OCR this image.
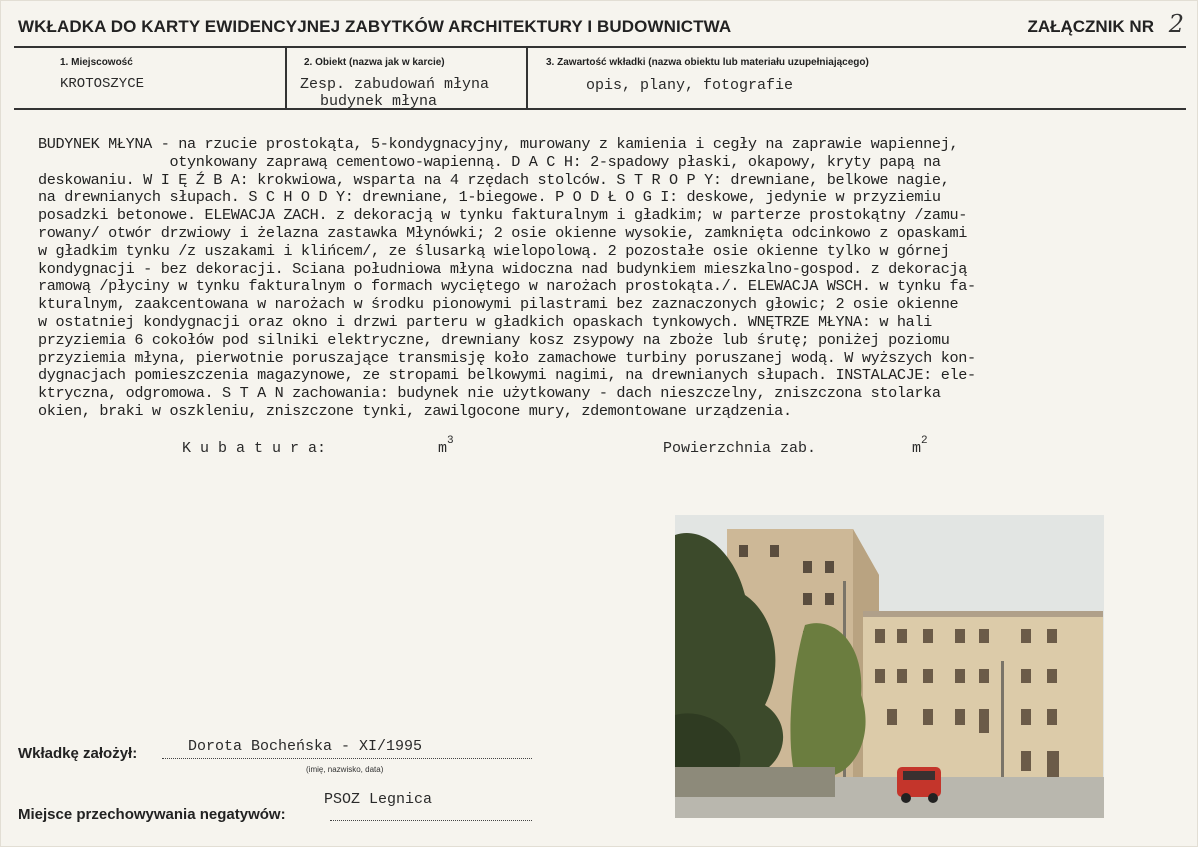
WKŁADKA DO KARTY EWIDENCYJNEJ ZABYTKÓW ARCHITEKTURY I BUDOWNICTWA	ZAŁĄCZNIK NR 2
1. Miejscowość
KROTOSZYCE
2. Obiekt (nazwa jak w karcie)
Zesp. zabudowań młyna
budynek młyna
3. Zawartość wkładki (nazwa obiektu lub materiału uzupełniającego)
opis, plany, fotografie
BUDYNEK MŁYNA - na rzucie prostokąta, 5-kondygnacyjny, murowany z kamienia i cegły na zaprawie wapiennej,
otynkowany zaprawą cementowo-wapienną. D A C H: 2-spadowy płaski, okapowy, kryty papą na
deskowaniu. W I Ę Ź B A: krokwiowa, wsparta na 4 rzędach stolców. S T R O P Y: drewniane, belkowe nagie,
na drewnianych słupach. S C H O D Y: drewniane, 1-biegowe. P O D Ł O G I: deskowe, jedynie w przyziemiu
posadzki betonowe. ELEWACJA ZACH. z dekoracją w tynku fakturalnym i gładkim; w parterze prostokątny /zamu-
rowany/ otwór drzwiowy i żelazna zastawka Młynówki; 2 osie okienne wysokie, zamknięta odcinkowo z opaskami
w gładkim tynku /z uszakami i klińcem/, ze ślusarką wielopolową. 2 pozostałe osie okienne tylko w górnej
kondygnacji - bez dekoracji. Sciana południowa młyna widoczna nad budynkiem mieszkalno-gospod. z dekoracją
ramową /płyciny w tynku fakturalnym o formach wyciętego w narożach prostokąta./. ELEWACJA WSCH. w tynku fa-
kturalnym, zaakcentowana w narożach w środku pionowymi pilastrami bez zaznaczonych głowic; 2 osie okienne
w ostatniej kondygnacji oraz okno i drzwi parteru w gładkich opaskach tynkowych. WNĘTRZE MŁYNA: w hali
przyziemia 6 cokołów pod silniki elektryczne, drewniany kosz zsypowy na zboże lub śrutę; poniżej poziomu
przyziemia młyna, pierwotnie poruszające transmisję koło zamachowe turbiny poruszanej wodą. W wyższych kon-
dygnacjach pomieszczenia magazynowe, ze stropami belkowymi nagimi, na drewnianych słupach. INSTALACJE: ele-
ktryczna, odgromowa. S T A N zachowania: budynek nie użytkowany - dach nieszczelny, zniszczona stolarka
okien, braki w oszkleniu, zniszczone tynki, zawilgocone mury, zdemontowane urządzenia.
K u b a t u r a:	$m^3$	Powierzchnia zab.	$m^2$
Wkładkę założył:	Dorota Bocheńska - XI/1995
(imię, nazwisko, data)
Miejsce przechowywania negatywów:
PSOZ Legnica
